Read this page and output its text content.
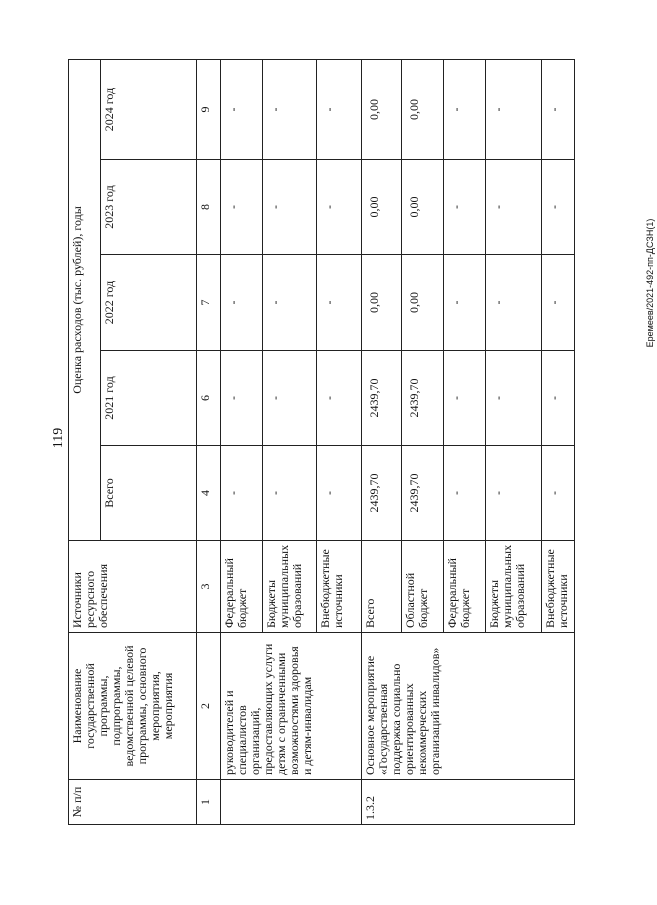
119
Еремеев/2021-492-пп-ДСЗН(1)
№ п/п	Наименование государственной программы, подпрограммы, ведомственной целевой программы, основного мероприятия, мероприятия	Источники ресурсного обеспечения	Оценка расходов (тыс. рублей), годы				
			Всего	2021 год	2022 год	2023 год	2024 год
1	2	3	4	6	7	8	9
	руководителей и специалистов организаций, предоставляющих услуги детям с ограниченными возможностями здоровья и детям-инвалидам	Федеральный бюджет	-	-	-	-	-
		Бюджеты муниципальных образований	-	-	-	-	-
		Внебюджетные источники	-	-	-	-	-
1.3.2	Основное мероприятие «Государственная поддержка социально ориентированных некоммерческих организаций инвалидов»	Всего	2439,70	2439,70	0,00	0,00	0,00
		Областной бюджет	2439,70	2439,70	0,00	0,00	0,00
		Федеральный бюджет	-	-	-	-	-
		Бюджеты муниципальных образований	-	-	-	-	-
		Внебюджетные источники	-	-	-	-	-
